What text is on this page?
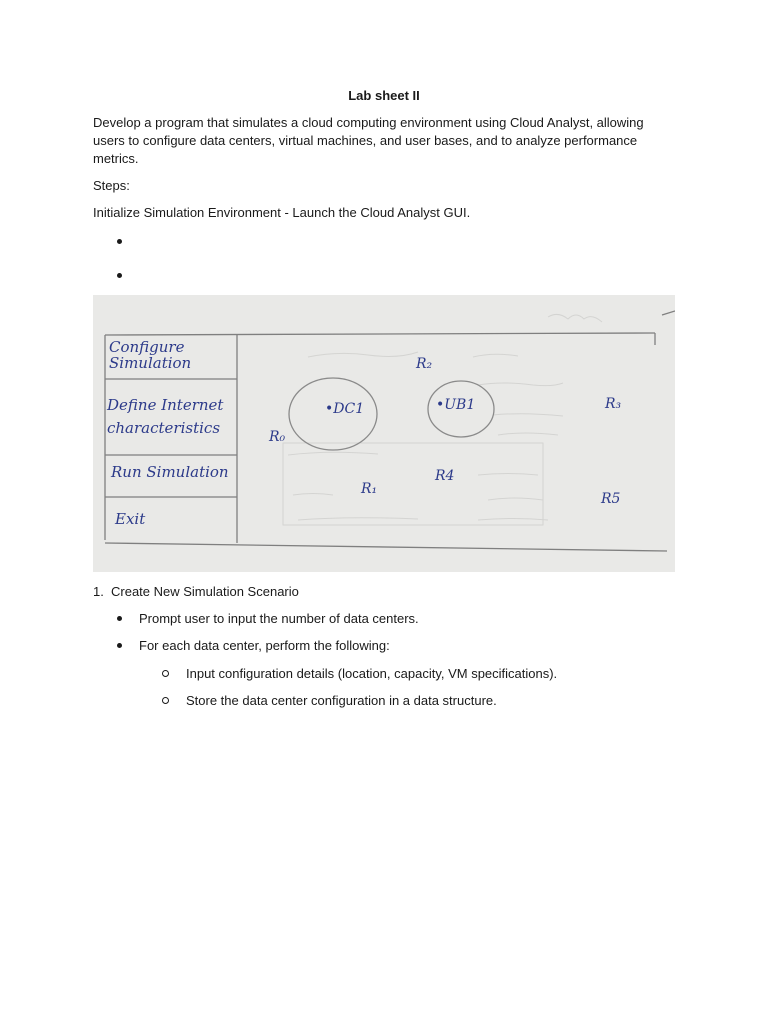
Lab sheet II
Develop a program that simulates a cloud computing environment using Cloud Analyst, allowing users to configure data centers, virtual machines, and user bases, and to analyze performance metrics.
Steps:
Initialize Simulation Environment - Launch the Cloud Analyst GUI.
Configure
Simulation
Define Internet
characteristics
Run Simulation
Exit
R₀
R₂
R₃
R4
R₁
R5
•DC1	•UB1
1. Create New Simulation Scenario
Prompt user to input the number of data centers.
For each data center, perform the following:
Input configuration details (location, capacity, VM specifications).
Store the data center configuration in a data structure.
